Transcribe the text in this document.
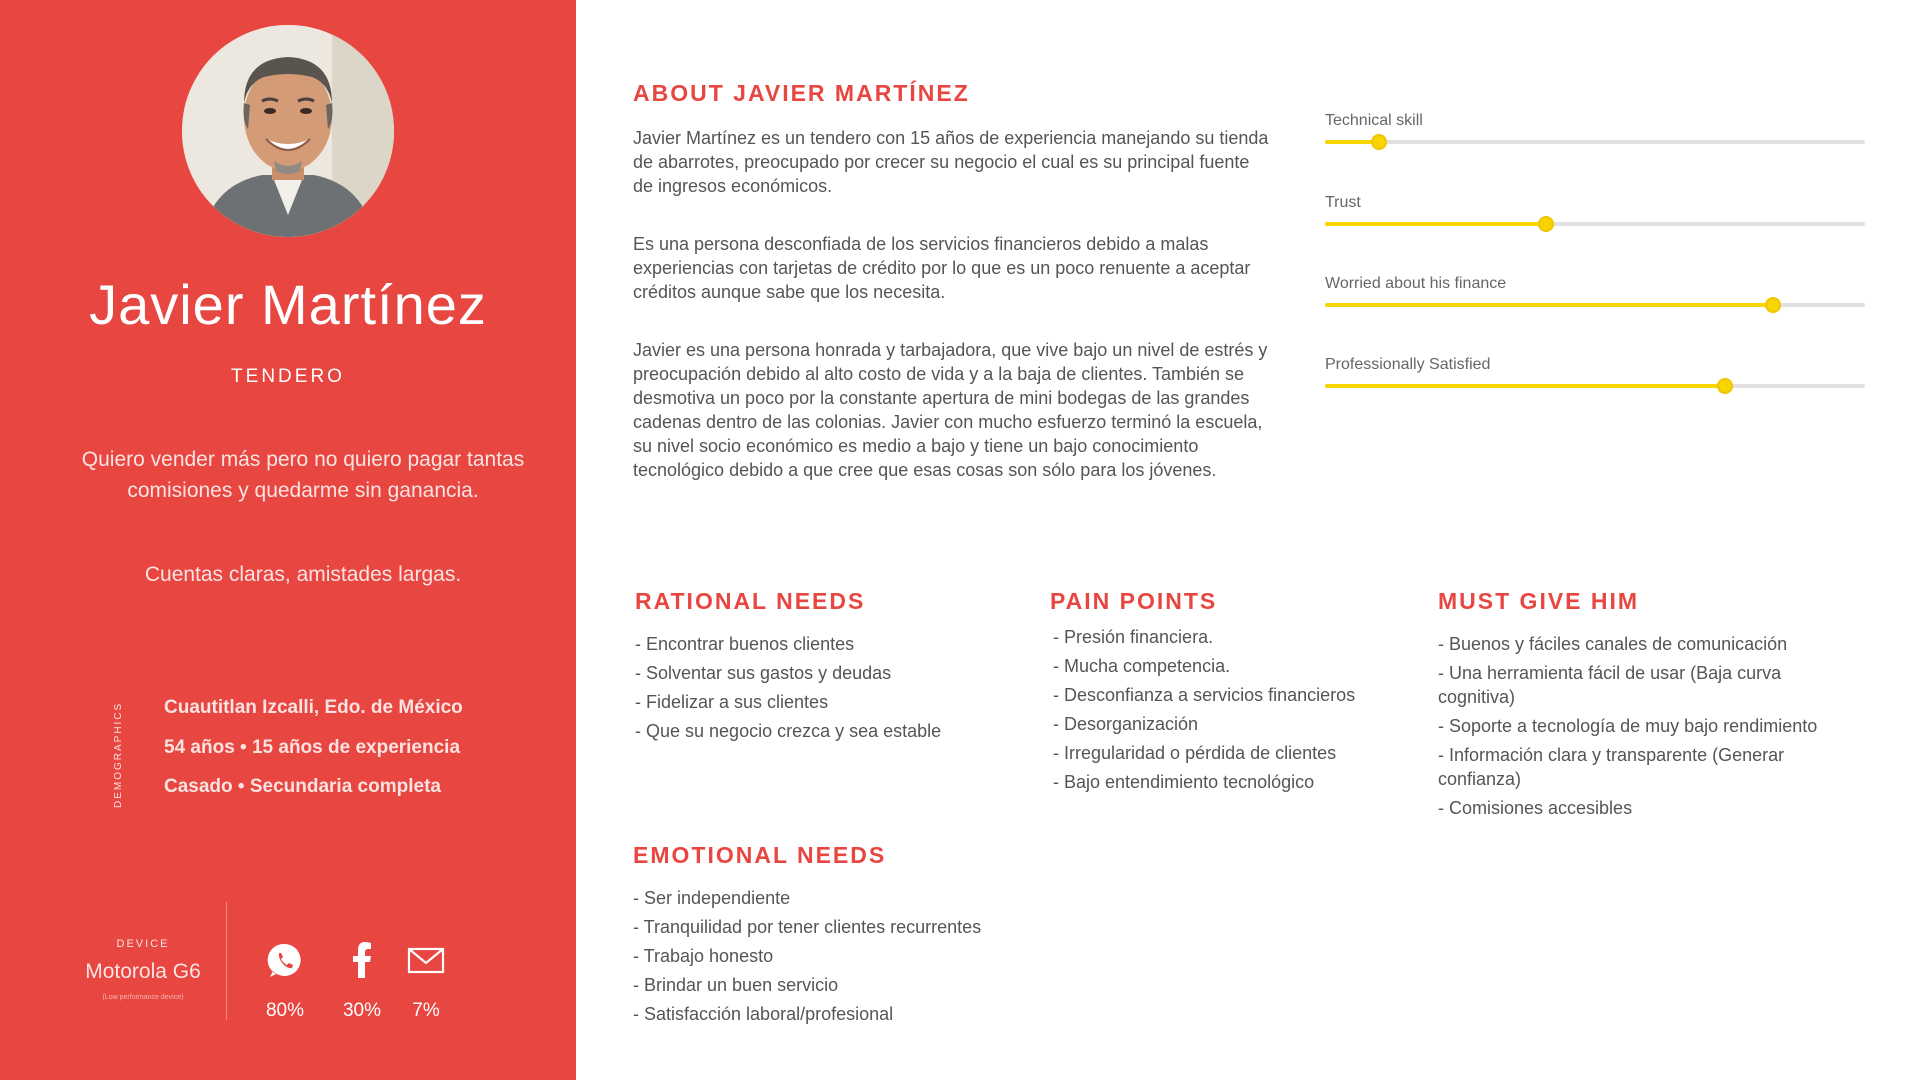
Javier Martínez
TENDERO
Quiero vender más pero no quiero pagar tantas comisiones y quedarme sin ganancia.
Cuentas claras, amistades largas.
DEMOGRAPHICS Cuautitlan Izcalli, Edo. de México
54 años • 15 años de experiencia
Casado • Secundaria completa
DEVICE
Motorola G6
(Low performance device)
80%	30%	7%
ABOUT JAVIER MARTÍNEZ
Javier Martínez es un tendero con 15 años de experiencia manejando su tienda de abarrotes, preocupado por crecer su negocio el cual es su principal fuente de ingresos económicos.
Es una persona desconfiada de los servicios financieros debido a malas experiencias con tarjetas de crédito por lo que es un poco renuente a aceptar créditos aunque sabe que los necesita.
Javier es una persona honrada y tarbajadora, que vive bajo un nivel de estrés y preocupación debido al alto costo de vida y a la baja de clientes. También se desmotiva un poco por la constante apertura de mini bodegas de las grandes cadenas dentro de las colonias. Javier con mucho esfuerzo terminó la escuela, su nivel socio económico es medio a bajo y tiene un bajo conocimiento tecnológico debido a que cree que esas cosas son sólo para los jóvenes.
Technical skill
Trust
Worried about his finance
Professionally Satisfied
RATIONAL NEEDS
- Encontrar buenos clientes
- Solventar sus gastos y deudas
- Fidelizar a sus clientes
- Que su negocio crezca y sea estable
PAIN POINTS
- Presión financiera.
- Mucha competencia.
- Desconfianza a servicios financieros
- Desorganización
- Irregularidad o pérdida de clientes
- Bajo entendimiento tecnológico
MUST GIVE HIM
- Buenos y fáciles canales de comunicación
- Una herramienta fácil de usar (Baja curva cognitiva)
- Soporte a tecnología de muy bajo rendimiento
- Información clara y transparente (Generar confianza)
- Comisiones accesibles
EMOTIONAL NEEDS
- Ser independiente
- Tranquilidad por tener clientes recurrentes
- Trabajo honesto
- Brindar un buen servicio
- Satisfacción laboral/profesional
